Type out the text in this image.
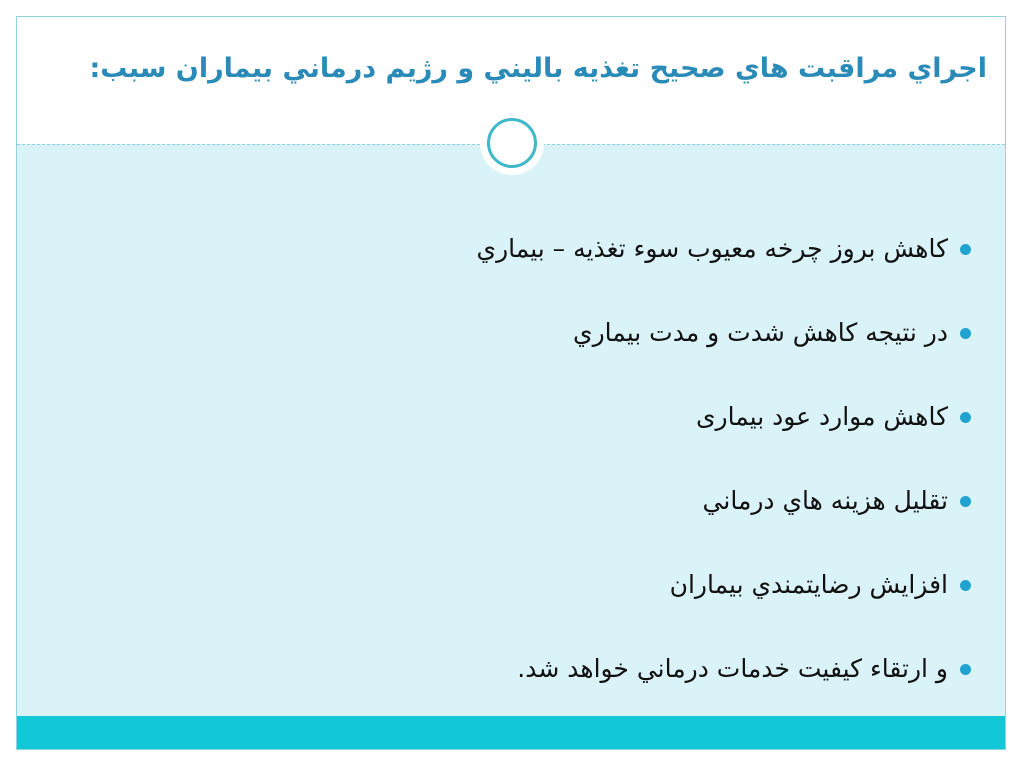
اجراي مراقبت هاي صحيح تغذيه باليني و رژيم درماني بيماران سبب:
كاهش بروز چرخه معيوب سوء تغذيه – بيماري
در نتيجه كاهش شدت و مدت بيماري
كاهش موارد عود بيماری
تقليل هزينه هاي درماني
افزايش رضايتمندي بيماران
و ارتقاء كيفيت خدمات درماني خواهد شد.
